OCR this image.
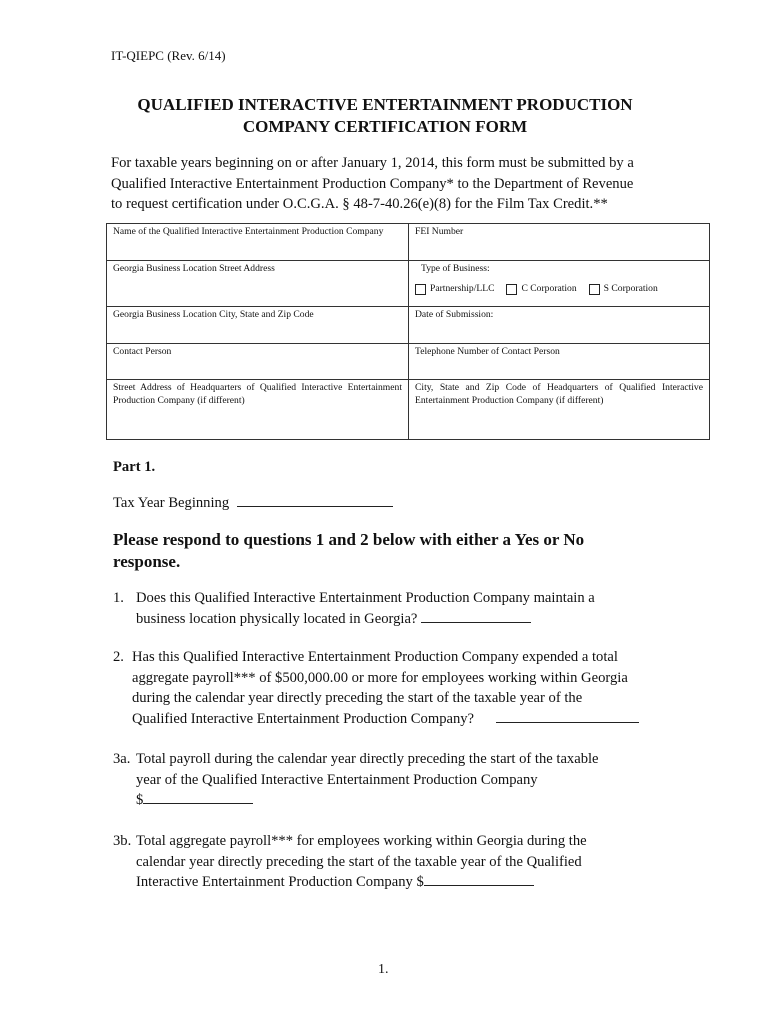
IT-QIEPC (Rev. 6/14)
QUALIFIED INTERACTIVE ENTERTAINMENT PRODUCTION
COMPANY CERTIFICATION FORM
For taxable years beginning on or after January 1, 2014, this form must be submitted by a
Qualified Interactive Entertainment Production Company* to the Department of Revenue
to request certification under O.C.G.A. § 48-7-40.26(e)(8) for the Film Tax Credit.**
Name of the Qualified Interactive Entertainment Production Company	FEI Number
Georgia Business Location Street Address	Type of Business:
Partnership/LLC C Corporation S Corporation

Georgia Business Location City, State and Zip Code	Date of Submission:
Contact Person	Telephone Number of Contact Person
Street Address of Headquarters of Qualified Interactive Entertainment Production Company (if different)	City, State and Zip Code of Headquarters of Qualified Interactive Entertainment Production Company (if different)
Part 1.
Tax Year Beginning
Please respond to questions 1 and 2 below with either a Yes or No
response.
1. Does this Qualified Interactive Entertainment Production Company maintain a
business location physically located in Georgia?
2. Has this Qualified Interactive Entertainment Production Company expended a total
aggregate payroll*** of $500,000.00 or more for employees working within Georgia
during the calendar year directly preceding the start of the taxable year of the
Qualified Interactive Entertainment Production Company?
3a. Total payroll during the calendar year directly preceding the start of the taxable
year of the Qualified Interactive Entertainment Production Company
$
3b. Total aggregate payroll*** for employees working within Georgia during the
calendar year directly preceding the start of the taxable year of the Qualified
Interactive Entertainment Production Company $
1.
